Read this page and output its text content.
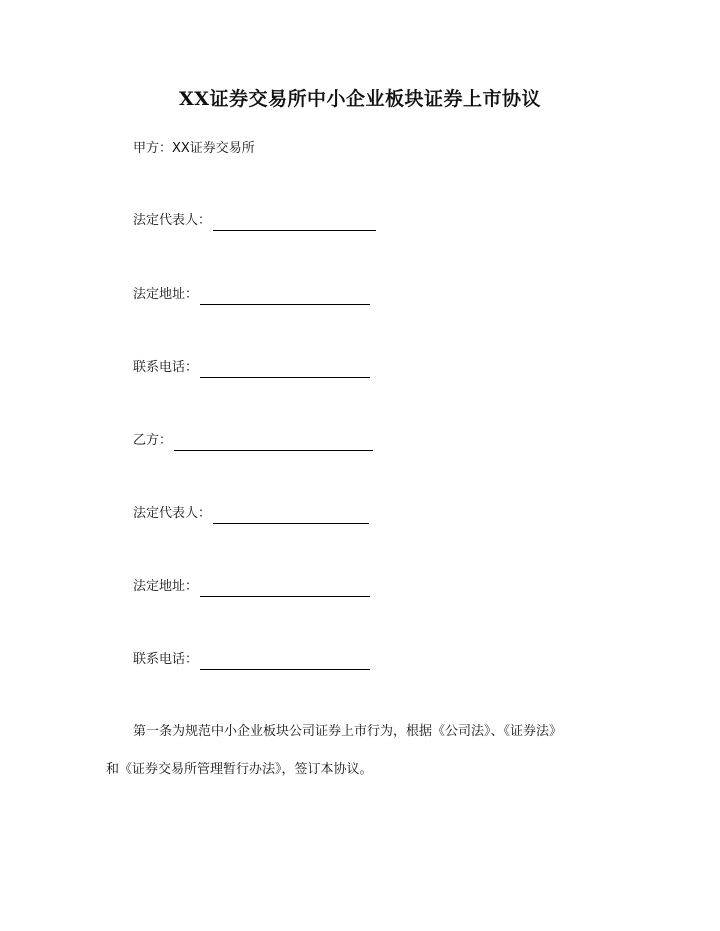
XX证券交易所中小企业板块证券上市协议
甲方：XX证券交易所
法定代表人：
法定地址：
联系电话：
乙方：
法定代表人：
法定地址：
联系电话：
第一条为规范中小企业板块公司证券上市行为，根据《公司法》、《证券法》
和《证券交易所管理暂行办法》，签订本协议。
